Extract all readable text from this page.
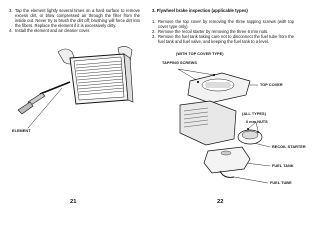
3. Tap the element lightly several times on a hard surface to remove excess dirt, or blow compressed air through the filter from the inside out. Never try to brush the dirt off; brushing will force dirt into the fibers. Replace the element if it is excessively dirty.
4. Install the element and air cleaner cover.
ELEMENT
21
3. Flywheel brake inspection (applicable types)
1. Remove the top cover by removing the three tapping screws (with top cover type only).
2. Remove the recoil starter by removing the three 6 mm nuts.
3. Remove the fuel tank taking care not to disconnect the fuel tube from the fuel tank and fuel valve, and keeping the fuel tank to a level.
(WITH TOP COVER TYPE)
TAPPING SCREWS
TOP COVER
(ALL TYPES)
6 mm NUTS
RECOIL STARTER
FUEL TANK
FUEL TUBE
22
